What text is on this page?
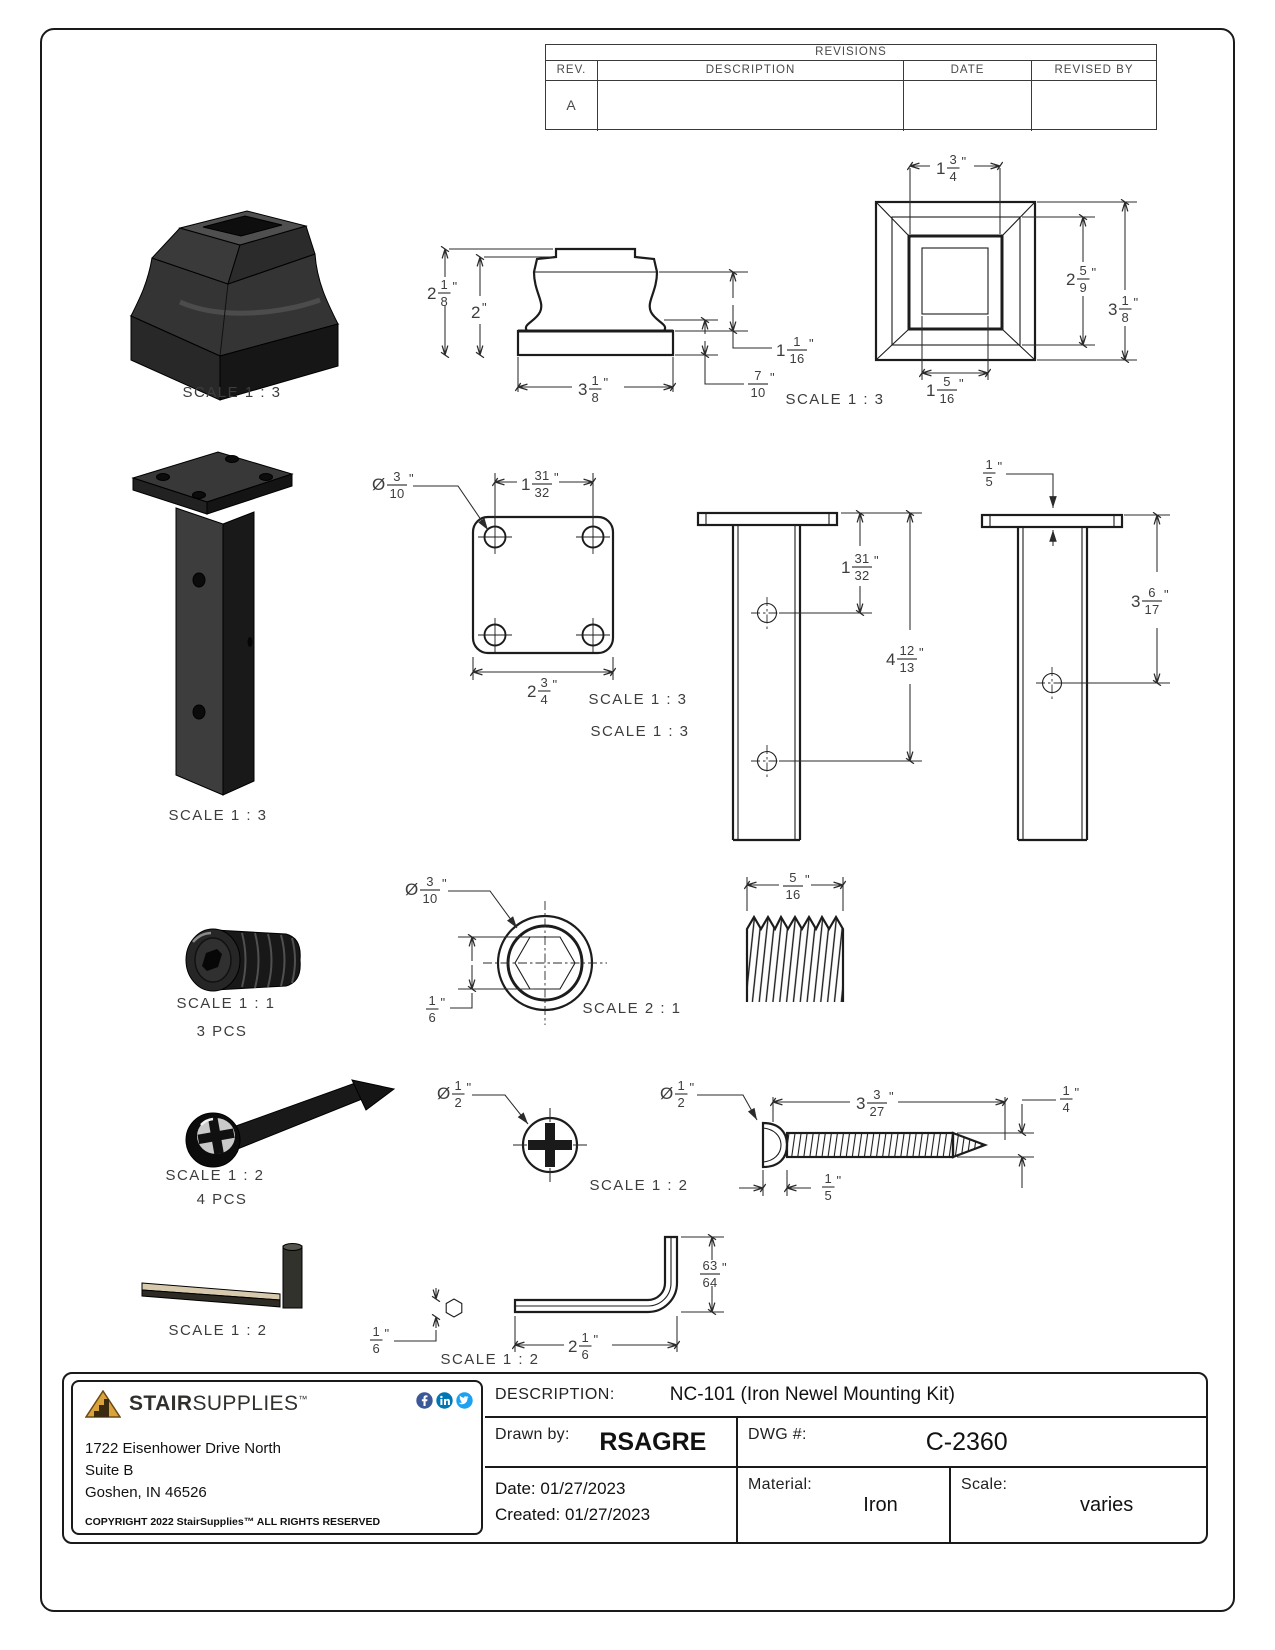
REVISIONS
REV.	DESCRIPTION	DATE	REVISED BY
A
SCALE 1 : 3
2 1
8
"
2 "
3 1
8
"
1 1
16
"
7
10
"
1 3
4
"
2 5
9
"
3 1
8
"
1 5
16
"
SCALE 1 : 3
SCALE 1 : 3
Ø 3
10
"	1 31
32
"
2 3
4
"
SCALE 1 : 3
1 31
32
"
4 12
13
"
SCALE 1 : 3
1
5
"
3 6
17
"
SCALE 1 : 1
3 PCS
Ø 3
10
"
1
6
"	SCALE 2 : 1
5
16
"
SCALE 1 : 2
4 PCS
Ø 1
2
"
SCALE 1 : 2
Ø 1
2
"
3 3
27
"	1
4
"
1
5
"
SCALE 1 : 2	1
6
"
63
64
"
2 1
6
"
SCALE 1 : 2
STAIRSUPPLIES™
1722 Eisenhower Drive North
Suite B
Goshen, IN 46526
COPYRIGHT 2022 StairSupplies™ ALL RIGHTS RESERVED
DESCRIPTION:	NC-101 (Iron Newel Mounting Kit)
Drawn by:	RSAGRE	DWG #:	C-2360
Date: 01/27/2023
Created: 01/27/2023
Material:
Iron
Scale:
varies
